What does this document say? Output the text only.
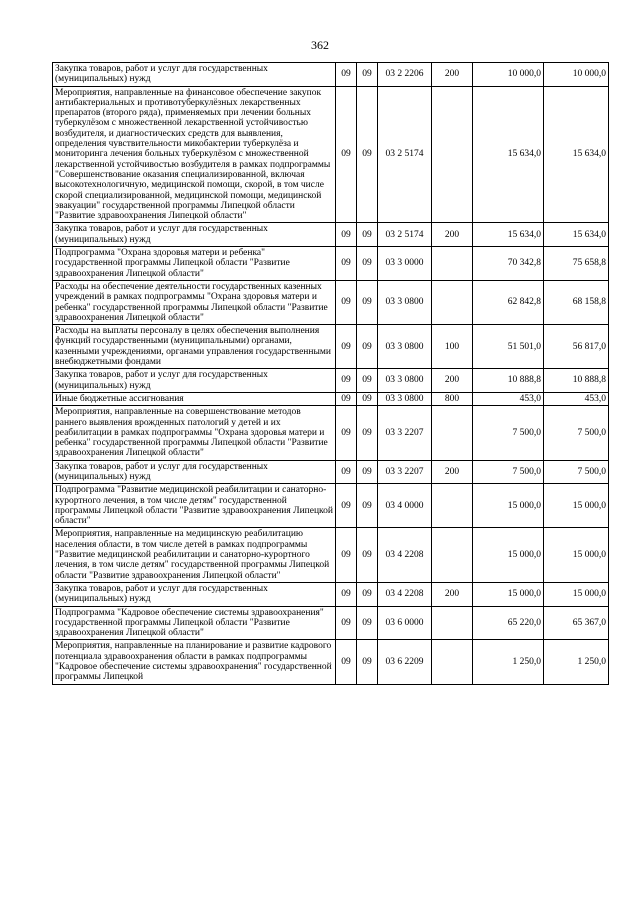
362
Закупка товаров, работ и услуг для государственных (муниципальных) нужд	09	09	03 2 2206	200	10 000,0	10 000,0
Мероприятия, направленные на финансовое обеспечение закупок антибактериальных и противотуберкулёзных лекарственных препаратов (второго ряда), применяемых при лечении больных туберкулёзом с множественной лекарственной устойчивостью возбудителя, и диагностических средств для выявления, определения чувствительности микобактерии туберкулёза и мониторинга лечения больных туберкулёзом с множественной лекарственной устойчивостью возбудителя в рамках подпрограммы "Совершенствование оказания специализированной, включая высокотехнологичную, медицинской помощи, скорой, в том числе скорой специализированной, медицинской помощи, медицинской эвакуации" государственной программы Липецкой области "Развитие здравоохранения Липецкой области"	09	09	03 2 5174		15 634,0	15 634,0
Закупка товаров, работ и услуг для государственных (муниципальных) нужд	09	09	03 2 5174	200	15 634,0	15 634,0
Подпрограмма "Охрана здоровья матери и ребенка" государственной программы Липецкой области "Развитие здравоохранения Липецкой области"	09	09	03 3 0000		70 342,8	75 658,8
Расходы на обеспечение деятельности государственных казенных учреждений в рамках подпрограммы "Охрана здоровья матери и ребенка" государственной программы Липецкой области "Развитие здравоохранения Липецкой области"	09	09	03 3 0800		62 842,8	68 158,8
Расходы на выплаты персоналу в целях обеспечения выполнения функций государственными (муниципальными) органами, казенными учреждениями, органами управления государственными внебюджетными фондами	09	09	03 3 0800	100	51 501,0	56 817,0
Закупка товаров, работ и услуг для государственных (муниципальных) нужд	09	09	03 3 0800	200	10 888,8	10 888,8
Иные бюджетные ассигнования	09	09	03 3 0800	800	453,0	453,0
Мероприятия, направленные на совершенствование методов раннего выявления врожденных патологий у детей и их реабилитации в рамках подпрограммы "Охрана здоровья матери и ребенка" государственной программы Липецкой области "Развитие здравоохранения Липецкой области"	09	09	03 3 2207		7 500,0	7 500,0
Закупка товаров, работ и услуг для государственных (муниципальных) нужд	09	09	03 3 2207	200	7 500,0	7 500,0
Подпрограмма "Развитие медицинской реабилитации и санаторно-курортного лечения, в том числе детям" государственной программы Липецкой области "Развитие здравоохранения Липецкой области"	09	09	03 4 0000		15 000,0	15 000,0
Мероприятия, направленные на медицинскую реабилитацию населения области, в том числе детей в рамках подпрограммы "Развитие медицинской реабилитации и санаторно-курортного лечения, в том числе детям" государственной программы Липецкой области "Развитие здравоохранения Липецкой области"	09	09	03 4 2208		15 000,0	15 000,0
Закупка товаров, работ и услуг для государственных (муниципальных) нужд	09	09	03 4 2208	200	15 000,0	15 000,0
Подпрограмма "Кадровое обеспечение системы здравоохранения" государственной программы Липецкой области "Развитие здравоохранения Липецкой области"	09	09	03 6 0000		65 220,0	65 367,0
Мероприятия, направленные на планирование и развитие кадрового потенциала здравоохранения области в рамках подпрограммы "Кадровое обеспечение системы здравоохранения" государственной программы Липецкой	09	09	03 6 2209		1 250,0	1 250,0
